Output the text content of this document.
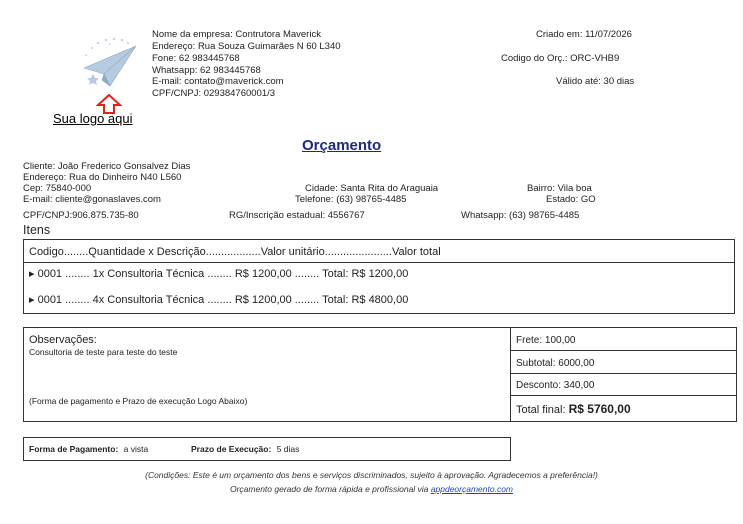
Sua logo aqui
Nome da empresa: Contrutora Maverick
Endereço: Rua Souza Guimarães N 60 L340
Fone: 62 983445768
Whatsapp: 62 983445768
E-mail: contato@maverick.com
CPF/CNPJ: 029384760001/3
Criado em: 11/07/2026
Codigo do Orç.: ORC-VHB9
Válido até: 30 dias
Orçamento
Cliente: João Frederico Gonsalvez Dias
Endereço: Rua do Dinheiro N40 L560
Cep: 75840-000	Cidade: Santa Rita do Araguaia	Bairro: Vila boa
E-mail: cliente@gonaslaves.com	Telefone: (63) 98765-4485	Estado: GO
CPF/CNPJ:906.875.735-80	RG/Inscrição estadual: 4556767	Whatsapp: (63) 98765-4485
Itens
Codigo........Quantidade x Descrição..................Valor unitário......................Valor total
▸ 0001 ........ 1x Consultoria Técnica ........ R$ 1200,00 ........ Total: R$ 1200,00
▸ 0001 ........ 4x Consultoria Técnica ........ R$ 1200,00 ........ Total: R$ 4800,00
Observações:
Consultoria de teste para teste do teste
(Forma de pagamento e Prazo de execução Logo Abaixo)
Frete: 100,00
Subtotal: 6000,00
Desconto: 340,00
Total final: R$ 5760,00
Forma de Pagamento: a vista	Prazo de Execução: 5 dias
(Condições: Este é um orçamento dos bens e serviços discriminados, sujeito à aprovação. Agradecemos a preferência!)
Orçamento gerado de forma rápida e profissional via appdeorçamento.com
